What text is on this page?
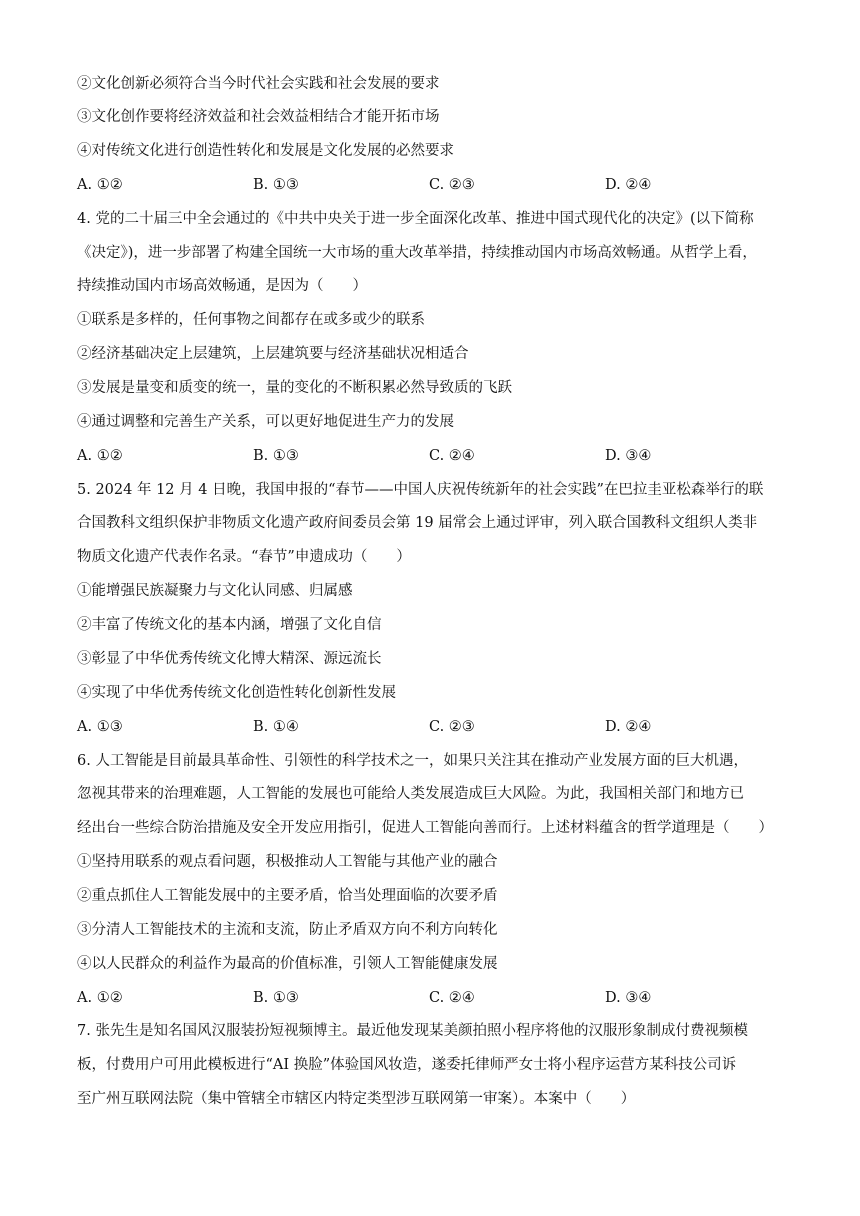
②文化创新必须符合当今时代社会实践和社会发展的要求
③文化创作要将经济效益和社会效益相结合才能开拓市场
④对传统文化进行创造性转化和发展是文化发展的必然要求
A. ①②	B. ①③	C. ②③	D. ②④
4. 党的二十届三中全会通过的《中共中央关于进一步全面深化改革、推进中国式现代化的决定》(以下简称
《决定》)，进一步部署了构建全国统一大市场的重大改革举措，持续推动国内市场高效畅通。从哲学上看，
持续推动国内市场高效畅通，是因为（　　）
①联系是多样的，任何事物之间都存在或多或少的联系
②经济基础决定上层建筑，上层建筑要与经济基础状况相适合
③发展是量变和质变的统一，量的变化的不断积累必然导致质的飞跃
④通过调整和完善生产关系，可以更好地促进生产力的发展
A. ①②	B. ①③	C. ②④	D. ③④
5. 2024 年 12 月 4 日晚，我国申报的“春节——中国人庆祝传统新年的社会实践”在巴拉圭亚松森举行的联
合国教科文组织保护非物质文化遗产政府间委员会第 19 届常会上通过评审，列入联合国教科文组织人类非
物质文化遗产代表作名录。“春节”申遗成功（　　）
①能增强民族凝聚力与文化认同感、归属感
②丰富了传统文化的基本内涵，增强了文化自信
③彰显了中华优秀传统文化博大精深、源远流长
④实现了中华优秀传统文化创造性转化创新性发展
A. ①③	B. ①④	C. ②③	D. ②④
6. 人工智能是目前最具革命性、引领性的科学技术之一，如果只关注其在推动产业发展方面的巨大机遇，
忽视其带来的治理难题，人工智能的发展也可能给人类发展造成巨大风险。为此，我国相关部门和地方已
经出台一些综合防治措施及安全开发应用指引，促进人工智能向善而行。上述材料蕴含的哲学道理是（　　）
①坚持用联系的观点看问题，积极推动人工智能与其他产业的融合
②重点抓住人工智能发展中的主要矛盾，恰当处理面临的次要矛盾
③分清人工智能技术的主流和支流，防止矛盾双方向不利方向转化
④以人民群众的利益作为最高的价值标准，引领人工智能健康发展
A. ①②	B. ①③	C. ②④	D. ③④
7. 张先生是知名国风汉服装扮短视频博主。最近他发现某美颜拍照小程序将他的汉服形象制成付费视频模
板，付费用户可用此模板进行“AI 换脸”体验国风妆造，遂委托律师严女士将小程序运营方某科技公司诉
至广州互联网法院（集中管辖全市辖区内特定类型涉互联网第一审案）。本案中（　　）
